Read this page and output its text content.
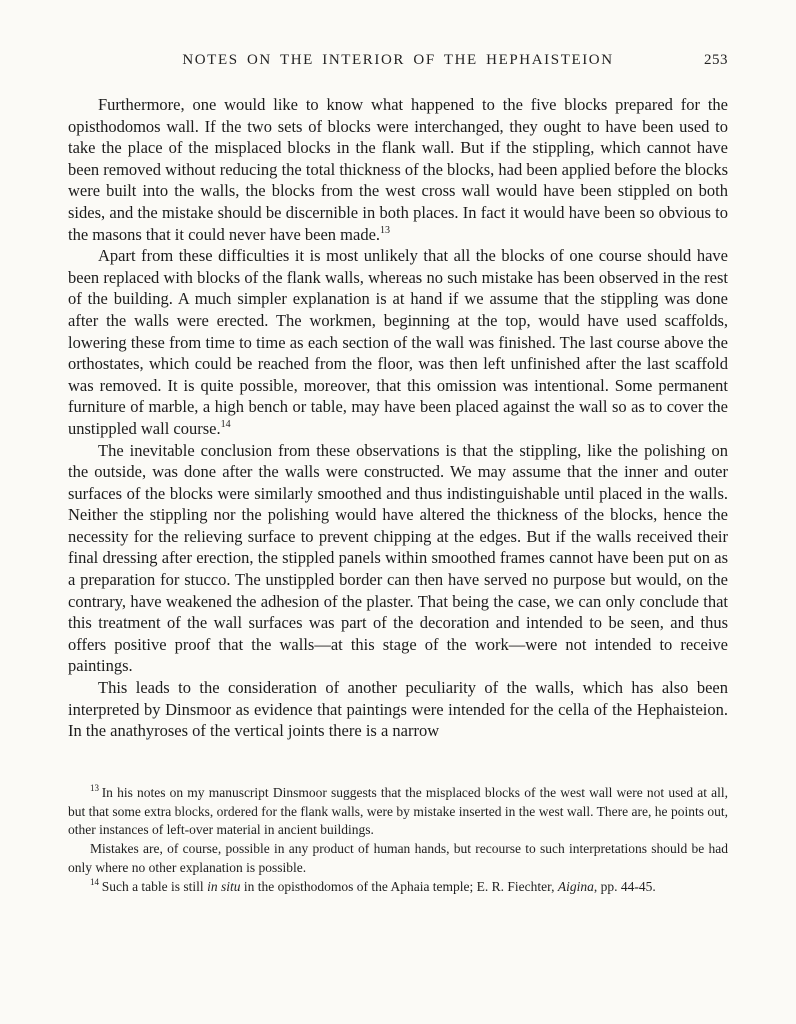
NOTES ON THE INTERIOR OF THE HEPHAISTEION	253

Furthermore, one would like to know what happened to the five blocks prepared for the opisthodomos wall. If the two sets of blocks were interchanged, they ought to have been used to take the place of the misplaced blocks in the flank wall. But if the stippling, which cannot have been removed without reducing the total thickness of the blocks, had been applied before the blocks were built into the walls, the blocks from the west cross wall would have been stippled on both sides, and the mistake should be discernible in both places. In fact it would have been so obvious to the masons that it could never have been made.$^{13}$

Apart from these difficulties it is most unlikely that all the blocks of one course should have been replaced with blocks of the flank walls, whereas no such mistake has been observed in the rest of the building. A much simpler explanation is at hand if we assume that the stippling was done after the walls were erected. The workmen, beginning at the top, would have used scaffolds, lowering these from time to time as each section of the wall was finished. The last course above the orthostates, which could be reached from the floor, was then left unfinished after the last scaffold was removed. It is quite possible, moreover, that this omission was intentional. Some permanent furniture of marble, a high bench or table, may have been placed against the wall so as to cover the unstippled wall course.$^{14}$

The inevitable conclusion from these observations is that the stippling, like the polishing on the outside, was done after the walls were constructed. We may assume that the inner and outer surfaces of the blocks were similarly smoothed and thus indistinguishable until placed in the walls. Neither the stippling nor the polishing would have altered the thickness of the blocks, hence the necessity for the relieving surface to prevent chipping at the edges. But if the walls received their final dressing after erection, the stippled panels within smoothed frames cannot have been put on as a preparation for stucco. The unstippled border can then have served no purpose but would, on the contrary, have weakened the adhesion of the plaster. That being the case, we can only conclude that this treatment of the wall surfaces was part of the decoration and intended to be seen, and thus offers positive proof that the walls—at this stage of the work—were not intended to receive paintings.

This leads to the consideration of another peculiarity of the walls, which has also been interpreted by Dinsmoor as evidence that paintings were intended for the cella of the Hephaisteion. In the anathyroses of the vertical joints there is a narrow

$^{13}$ In his notes on my manuscript Dinsmoor suggests that the misplaced blocks of the west wall were not used at all, but that some extra blocks, ordered for the flank walls, were by mistake inserted in the west wall. There are, he points out, other instances of left-over material in ancient buildings.

Mistakes are, of course, possible in any product of human hands, but recourse to such interpretations should be had only where no other explanation is possible.

$^{14}$ Such a table is still in situ in the opisthodomos of the Aphaia temple; E. R. Fiechter, Aigina, pp. 44-45.
